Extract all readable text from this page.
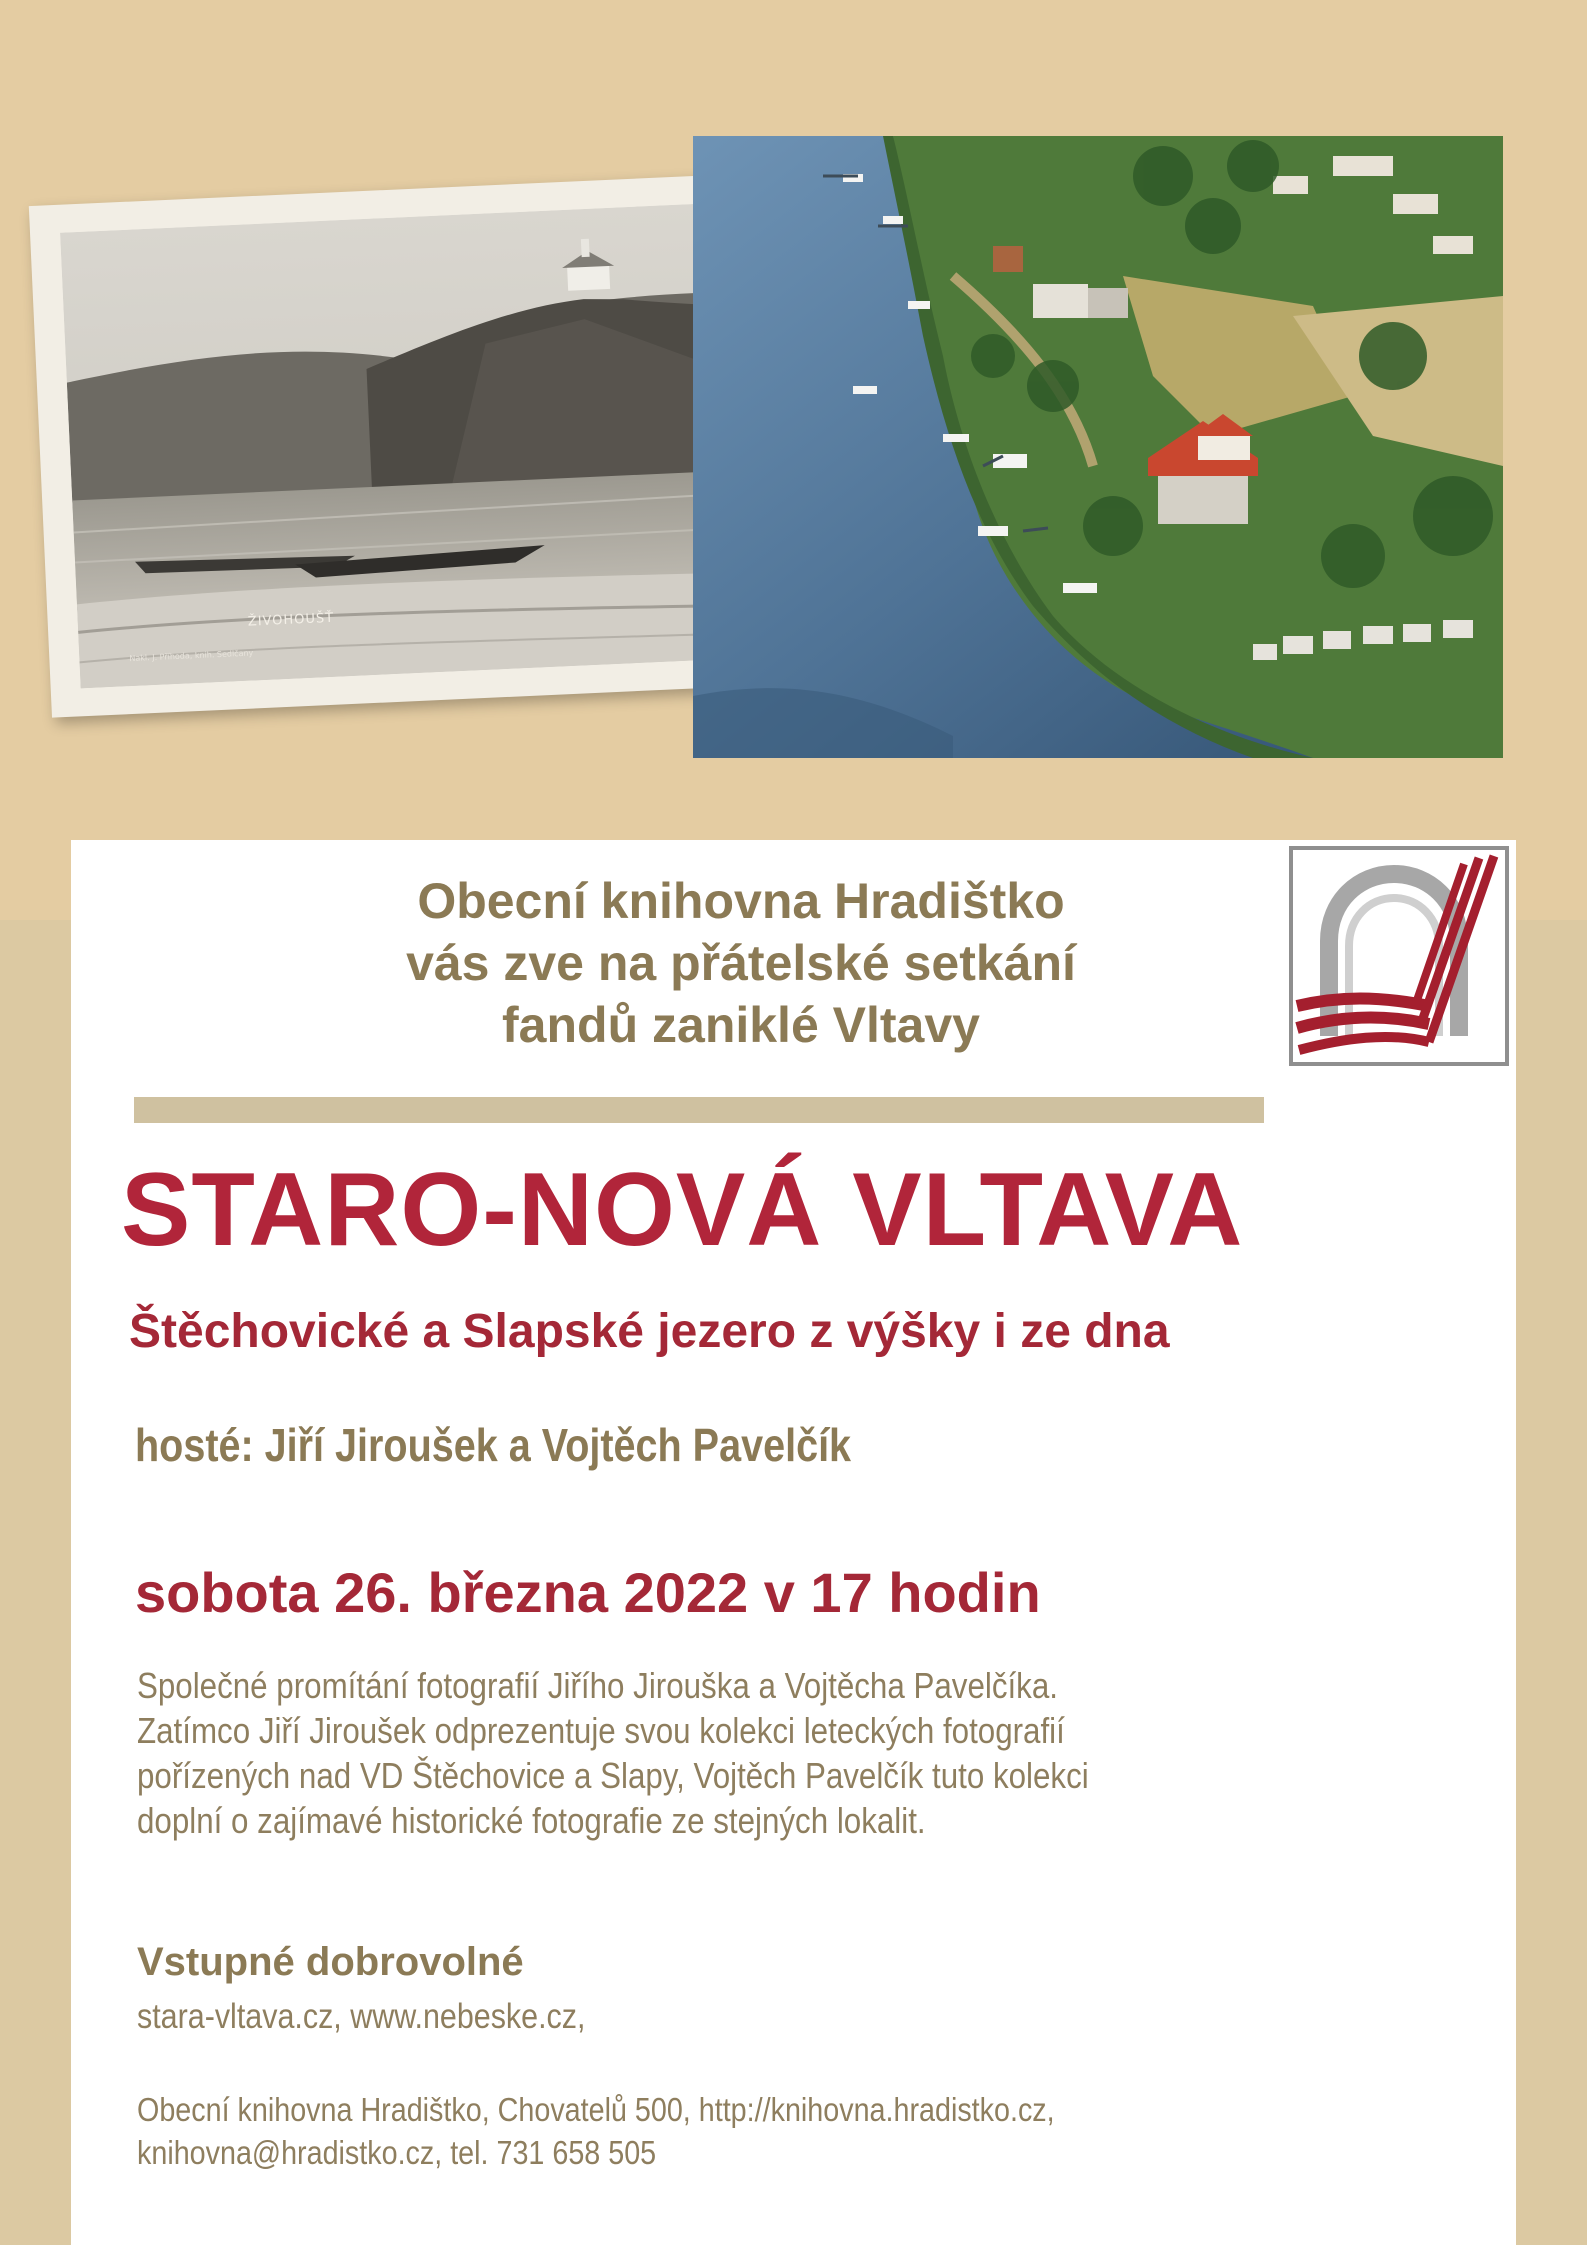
ŽIVOHOUŠŤ
Nakl. J. Příhoda, knih. Sedlčany
Obecní knihovna Hradištko
vás zve na přátelské setkání
fandů zaniklé Vltavy
STARO-NOVÁ VLTAVA
Štěchovické a Slapské jezero z výšky i ze dna
hosté: Jiří Jiroušek a Vojtěch Pavelčík
sobota 26. března 2022 v 17 hodin
Společné promítání fotografií Jiřího Jirouška a Vojtěcha Pavelčíka.
Zatímco Jiří Jiroušek odprezentuje svou kolekci leteckých fotografií
pořízených nad VD Štěchovice a Slapy, Vojtěch Pavelčík tuto kolekci
doplní o zajímavé historické fotografie ze stejných lokalit.
Vstupné dobrovolné
stara-vltava.cz, www.nebeske.cz,
Obecní knihovna Hradištko, Chovatelů 500, http://knihovna.hradistko.cz,
knihovna@hradistko.cz, tel. 731 658 505
